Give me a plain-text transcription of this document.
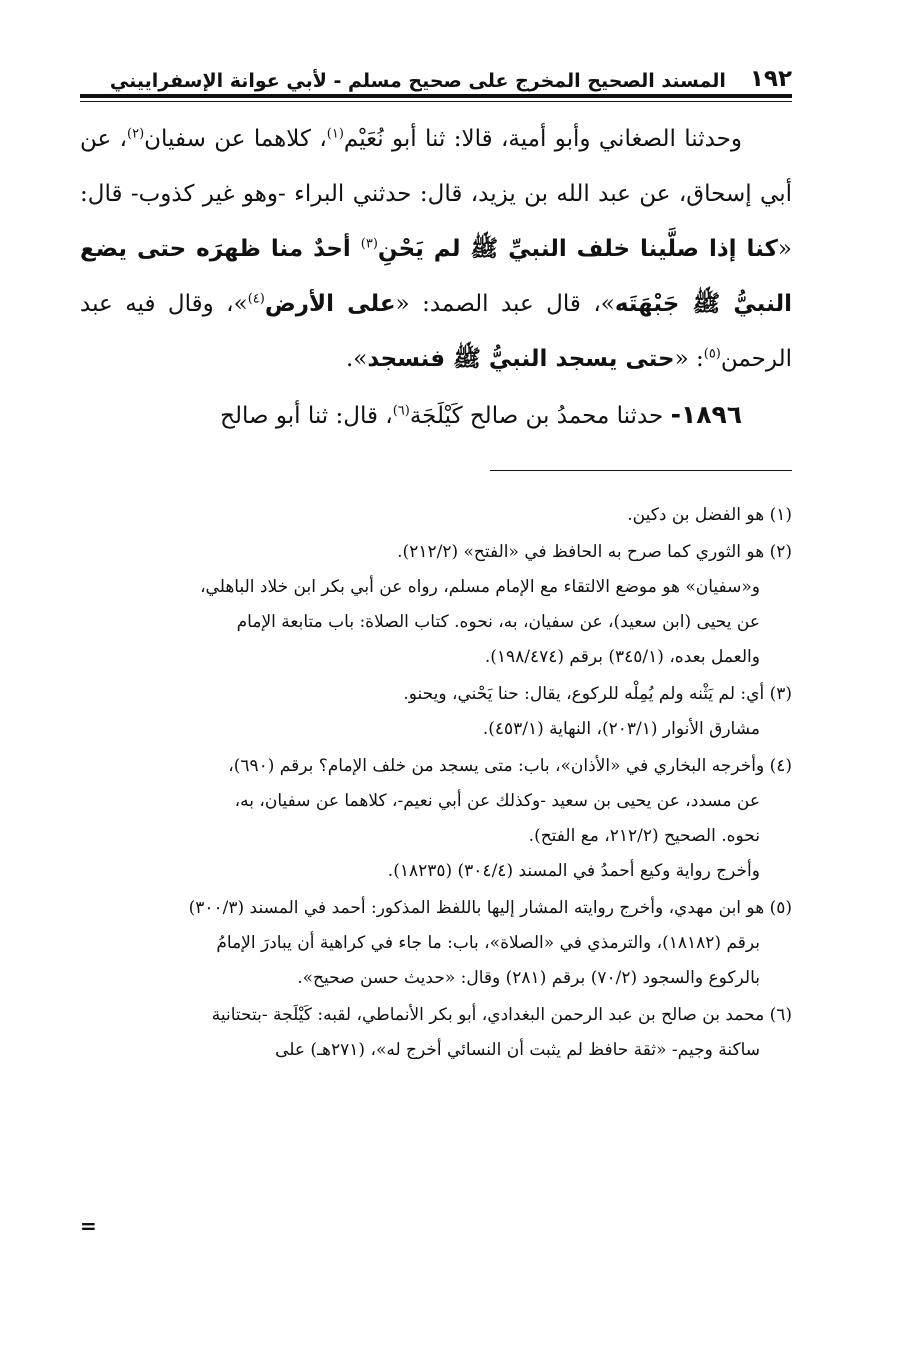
١٩٢
المسند الصحيح المخرج على صحيح مسلم - لأبي عوانة الإسفراييني

وحدثنا الصغاني وأبو أمية، قالا: ثنا أبو نُعَيْم$^{(١)}$، كلاهما عن سفيان$^{(٢)}$، عن أبي إسحاق، عن عبد الله بن يزيد، قال: حدثني البراء -وهو غير كذوب- قال: «كنا إذا صلَّينا خلف النبيِّ ﷺ لم يَحْنِ$^{(٣)}$ أحدٌ منا ظهرَه حتى يضع النبيُّ ﷺ جَبْهَتَه»، قال عبد الصمد: «على الأرض$^{(٤)}$»، وقال فيه عبد الرحمن$^{(٥)}$: «حتى يسجد النبيُّ ﷺ فنسجد».

١٨٩٦- حدثنا محمدُ بن صالح كَيْلَجَة$^{(٦)}$، قال: ثنا أبو صالح

(١) هو الفضل بن دكين.
(٢) هو الثوري كما صرح به الحافظ في «الفتح» (٢١٢/٢).
و«سفيان» هو موضع الالتقاء مع الإمام مسلم، رواه عن أبي بكر ابن خلاد الباهلي،
عن يحيى (ابن سعيد)، عن سفيان، به، نحوه. كتاب الصلاة: باب متابعة الإمام
والعمل بعده، (٣٤٥/١) برقم (١٩٨/٤٧٤).
(٣) أي: لم يَثْنه ولم يُمِلْه للركوع، يقال: حنا يَحْني، ويحنو.
مشارق الأنوار (٢٠٣/١)، النهاية (٤٥٣/١).
(٤) وأخرجه البخاري في «الأذان»، باب: متى يسجد من خلف الإمام؟ برقم (٦٩٠)،
عن مسدد، عن يحيى بن سعيد -وكذلك عن أبي نعيم-، كلاهما عن سفيان، به،
نحوه. الصحيح (٢١٢/٢، مع الفتح).
وأخرج رواية وكيع أحمدُ في المسند (٣٠٤/٤) (١٨٢٣٥).
(٥) هو ابن مهدي، وأخرج روايته المشار إليها باللفظ المذكور: أحمد في المسند (٣٠٠/٣)
برقم (١٨١٨٢)، والترمذي في «الصلاة»، باب: ما جاء في كراهية أن يبادرَ الإمامُ
بالركوع والسجود (٧٠/٢) برقم (٢٨١) وقال: «حديث حسن صحيح».
(٦) محمد بن صالح بن عبد الرحمن البغدادي، أبو بكر الأنماطي، لقبه: كَيْلَجة -بتحتانية
ساكنة وجيم- «ثقة حافظ لم يثبت أن النسائي أخرج له»، (٢٧١هـ) على
=
